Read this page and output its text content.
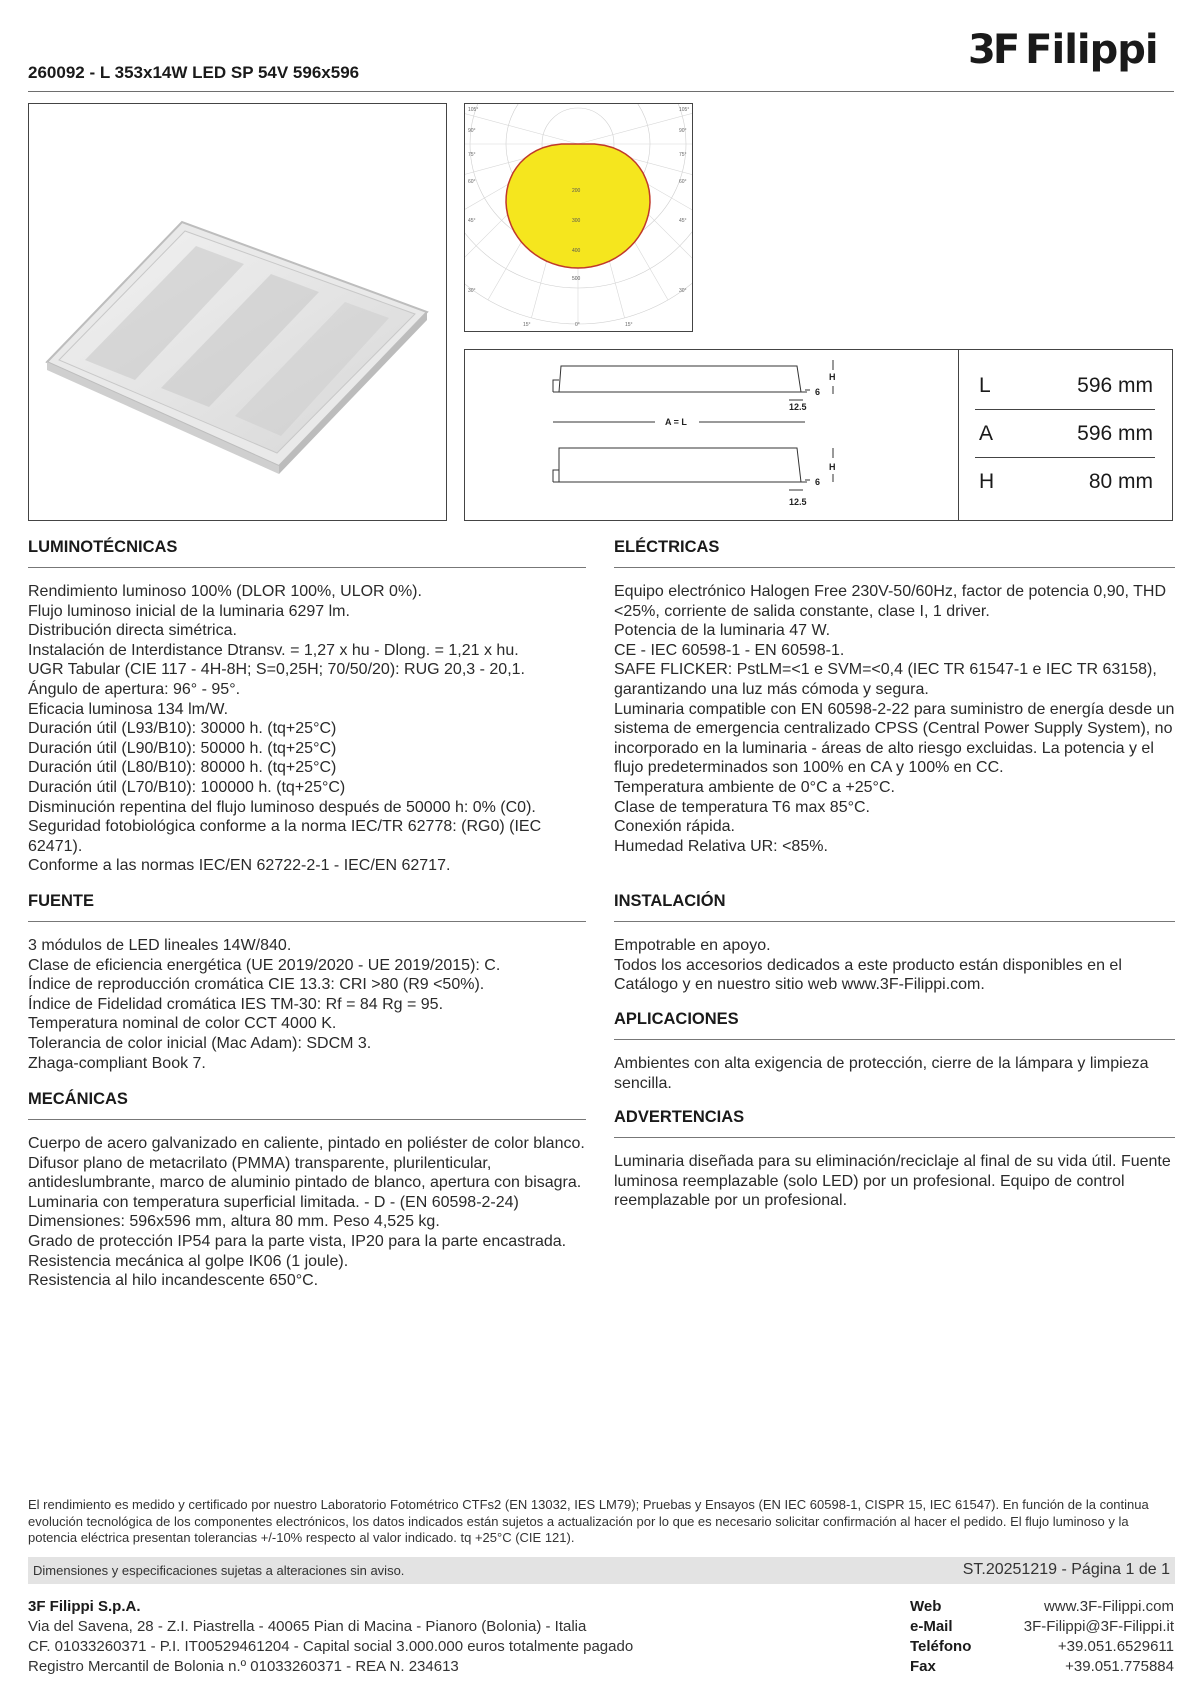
3F Filippi
260092 - L 353x14W LED SP 54V 596x596
105°	105°
90°	90°
75°	75°
60°	60°
45°	45°
30°	30°
15°	0°	15°
200
300
400
500
H
6
12.5
A = L
H
6
12.5
L	596 mm
A	596 mm
H	80 mm
LUMINOTÉCNICAS
Rendimiento luminoso 100% (DLOR 100%, ULOR 0%).
Flujo luminoso inicial de la luminaria 6297 lm.
Distribución directa simétrica.
Instalación de Interdistance Dtransv. = 1,27 x hu - Dlong. = 1,21 x hu.
UGR Tabular (CIE 117 - 4H-8H; S=0,25H; 70/50/20): RUG 20,3 - 20,1.
Ángulo de apertura: 96° - 95°.
Eficacia luminosa 134 lm/W.
Duración útil (L93/B10): 30000 h. (tq+25°C)
Duración útil (L90/B10): 50000 h. (tq+25°C)
Duración útil (L80/B10): 80000 h. (tq+25°C)
Duración útil (L70/B10): 100000 h. (tq+25°C)
Disminución repentina del flujo luminoso después de 50000 h: 0% (C0).
Seguridad fotobiológica conforme a la norma IEC/TR 62778: (RG0) (IEC 62471).
Conforme a las normas IEC/EN 62722-2-1 - IEC/EN 62717.
FUENTE
3 módulos de LED lineales 14W/840.
Clase de eficiencia energética (UE 2019/2020 - UE 2019/2015): C.
Índice de reproducción cromática CIE 13.3: CRI >80 (R9 <50%).
Índice de Fidelidad cromática IES TM-30: Rf = 84 Rg = 95.
Temperatura nominal de color CCT 4000 K.
Tolerancia de color inicial (Mac Adam): SDCM 3.
Zhaga-compliant Book 7.
MECÁNICAS
Cuerpo de acero galvanizado en caliente, pintado en poliéster de color blanco.
Difusor plano de metacrilato (PMMA) transparente, plurilenticular, antideslumbrante, marco de aluminio pintado de blanco, apertura con bisagra.
Luminaria con temperatura superficial limitada. - D - (EN 60598-2-24)
Dimensiones: 596x596 mm, altura 80 mm. Peso 4,525 kg.
Grado de protección IP54 para la parte vista, IP20 para la parte encastrada.
Resistencia mecánica al golpe IK06 (1 joule).
Resistencia al hilo incandescente 650°C.
ELÉCTRICAS
Equipo electrónico Halogen Free 230V-50/60Hz, factor de potencia 0,90, THD <25%, corriente de salida constante, clase I, 1 driver.
Potencia de la luminaria 47 W.
CE - IEC 60598-1 - EN 60598-1.
SAFE FLICKER: PstLM=<1 e SVM=<0,4 (IEC TR 61547-1 e IEC TR 63158), garantizando una luz más cómoda y segura.
Luminaria compatible con EN 60598-2-22 para suministro de energía desde un sistema de emergencia centralizado CPSS (Central Power Supply System), no incorporado en la luminaria - áreas de alto riesgo excluidas. La potencia y el flujo predeterminados son 100% en CA y 100% en CC.
Temperatura ambiente de 0°C a +25°C.
Clase de temperatura T6 max 85°C.
Conexión rápida.
Humedad Relativa UR: <85%.
INSTALACIÓN
Empotrable en apoyo.
Todos los accesorios dedicados a este producto están disponibles en el Catálogo y en nuestro sitio web www.3F-Filippi.com.
APLICACIONES
Ambientes con alta exigencia de protección, cierre de la lámpara y limpieza sencilla.
ADVERTENCIAS
Luminaria diseñada para su eliminación/reciclaje al final de su vida útil. Fuente luminosa reemplazable (solo LED) por un profesional. Equipo de control reemplazable por un profesional.
El rendimiento es medido y certificado por nuestro Laboratorio Fotométrico CTFs2 (EN 13032, IES LM79); Pruebas y Ensayos (EN IEC 60598-1, CISPR 15, IEC 61547). En función de la continua evolución tecnológica de los componentes electrónicos, los datos indicados están sujetos a actualización por lo que es necesario solicitar confirmación al hacer el pedido. El flujo luminoso y la potencia eléctrica presentan tolerancias +/-10% respecto al valor indicado. tq +25°C (CIE 121).
Dimensiones y especificaciones sujetas a alteraciones sin aviso.	ST.20251219 - Página 1 de 1
3F Filippi S.p.A.
Via del Savena, 28 - Z.I. Piastrella - 40065 Pian di Macina - Pianoro (Bolonia) - Italia
CF. 01033260371 - P.I. IT00529461204 - Capital social 3.000.000 euros totalmente pagado
Registro Mercantil de Bolonia n.º 01033260371 - REA N. 234613
Web	www.3F-Filippi.com
e-Mail	3F-Filippi@3F-Filippi.it
Teléfono	+39.051.6529611
Fax	+39.051.775884
